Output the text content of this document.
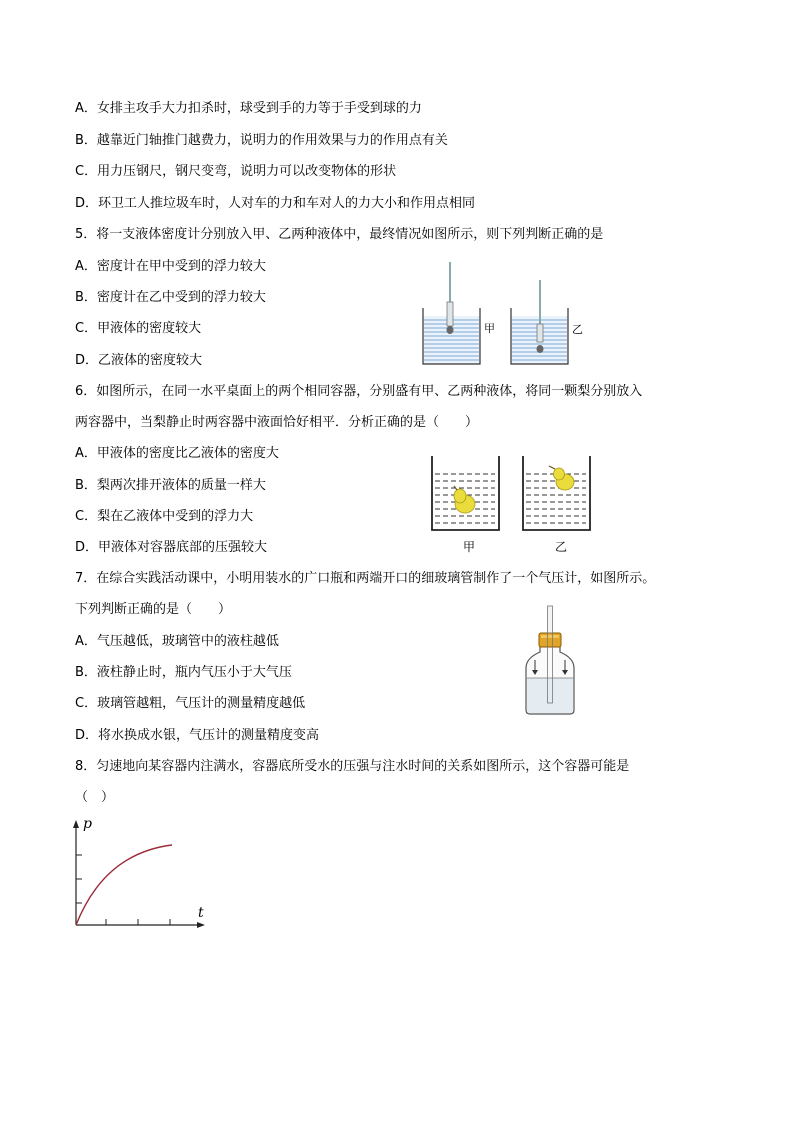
A．女排主攻手大力扣杀时，球受到手的力等于手受到球的力
B．越靠近门轴推门越费力，说明力的作用效果与力的作用点有关
C．用力压钢尺，钢尺变弯，说明力可以改变物体的形状
D．环卫工人推垃圾车时，人对车的力和车对人的力大小和作用点相同
5．将一支液体密度计分别放入甲、乙两种液体中，最终情况如图所示，则下列判断正确的是
A．密度计在甲中受到的浮力较大
B．密度计在乙中受到的浮力较大
C．甲液体的密度较大
D．乙液体的密度较大
甲	乙
6．如图所示，在同一水平桌面上的两个相同容器，分别盛有甲、乙两种液体，将同一颗梨分别放入
两容器中，当梨静止时两容器中液面恰好相平．分析正确的是（　　）
A．甲液体的密度比乙液体的密度大
B．梨两次排开液体的质量一样大
C．梨在乙液体中受到的浮力大
D．甲液体对容器底部的压强较大	甲	乙
7．在综合实践活动课中，小明用装水的广口瓶和两端开口的细玻璃管制作了一个气压计，如图所示。
下列判断正确的是（　　）
A．气压越低，玻璃管中的液柱越低
B．液柱静止时，瓶内气压小于大气压
C．玻璃管越粗，气压计的测量精度越低
D．将水换成水银，气压计的测量精度变高
8．匀速地向某容器内注满水，容器底所受水的压强与注水时间的关系如图所示，这个容器可能是
（　）
p
t
